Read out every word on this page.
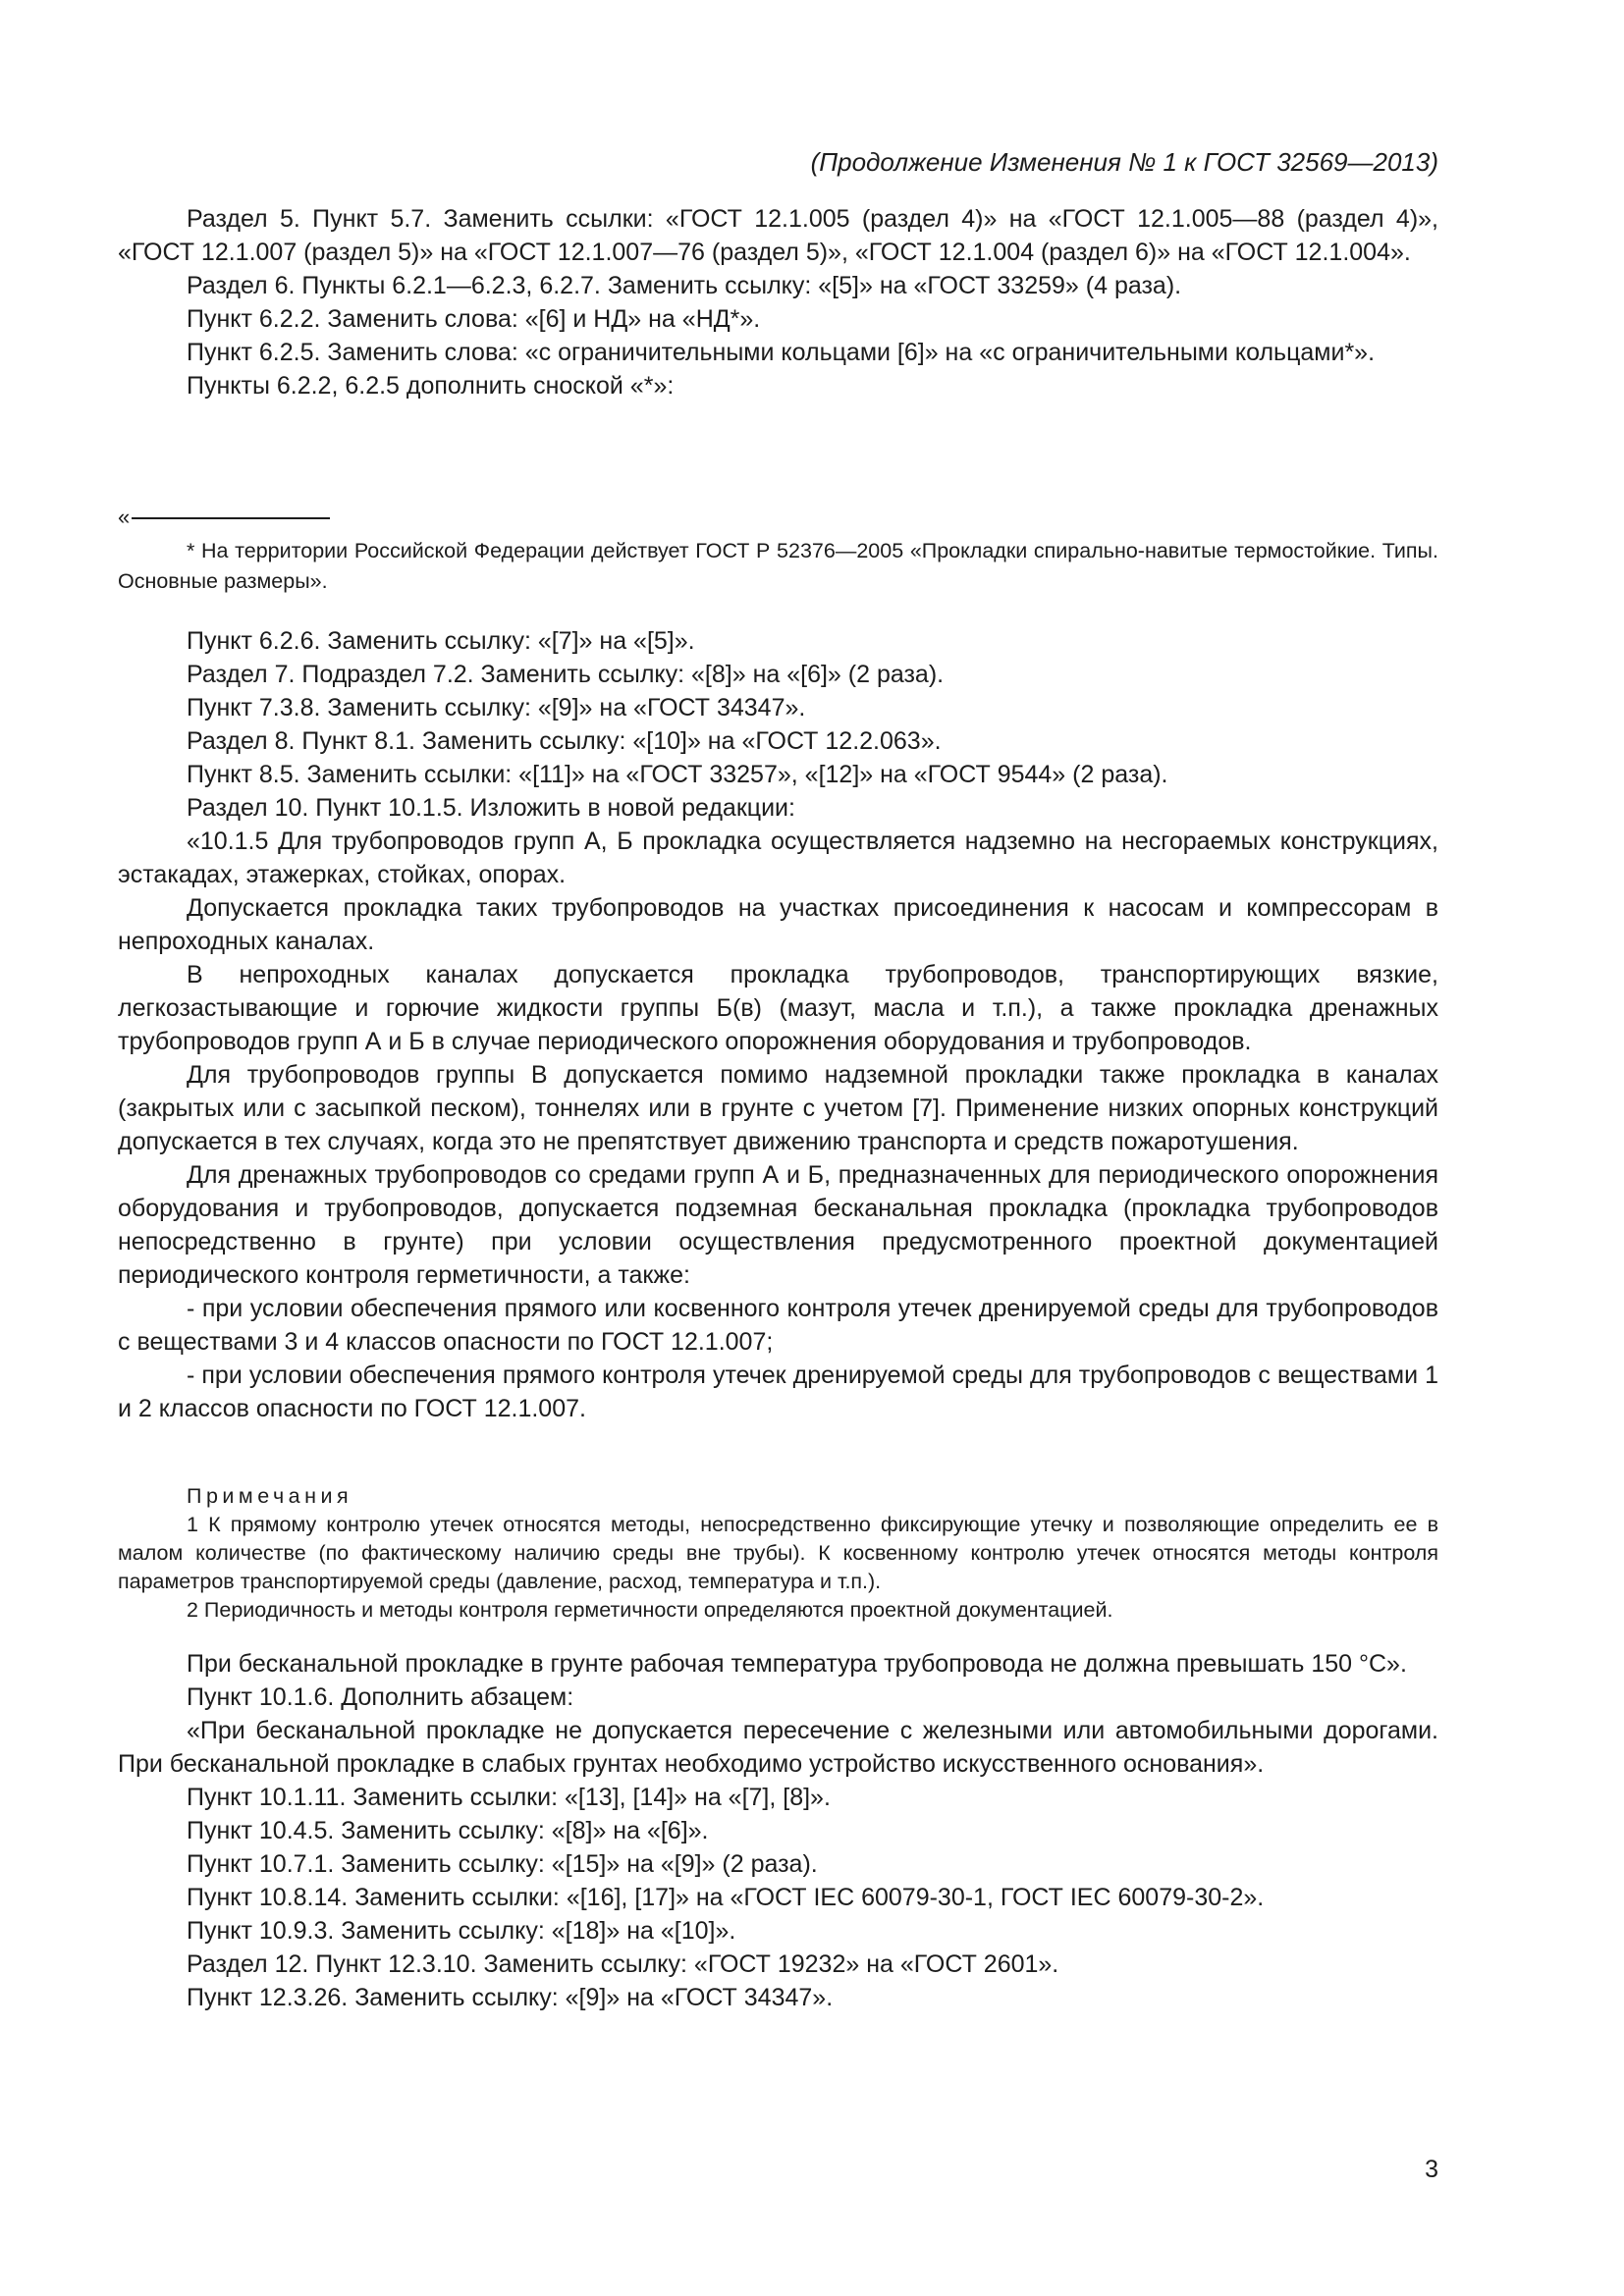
(Продолжение Изменения № 1 к ГОСТ 32569—2013)

Раздел 5. Пункт 5.7. Заменить ссылки: «ГОСТ 12.1.005 (раздел 4)» на «ГОСТ 12.1.005—88 (раздел 4)», «ГОСТ 12.1.007 (раздел 5)» на «ГОСТ 12.1.007—76 (раздел 5)», «ГОСТ 12.1.004 (раздел 6)» на «ГОСТ 12.1.004».

Раздел 6. Пункты 6.2.1—6.2.3, 6.2.7. Заменить ссылку: «[5]» на «ГОСТ 33259» (4 раза).

Пункт 6.2.2. Заменить слова: «[6] и НД» на «НД*».

Пункт 6.2.5. Заменить слова: «с ограничительными кольцами [6]» на «с ограничительными кольцами*».

Пункты 6.2.2, 6.2.5 дополнить сноской «*»:

«

* На территории Российской Федерации действует ГОСТ Р 52376—2005 «Прокладки спирально-навитые термостойкие. Типы. Основные размеры».

Пункт 6.2.6. Заменить ссылку: «[7]» на «[5]».

Раздел 7. Подраздел 7.2. Заменить ссылку: «[8]» на «[6]» (2 раза).

Пункт 7.3.8. Заменить ссылку: «[9]» на «ГОСТ 34347».

Раздел 8. Пункт 8.1. Заменить ссылку: «[10]» на «ГОСТ 12.2.063».

Пункт 8.5. Заменить ссылки: «[11]» на «ГОСТ 33257», «[12]» на «ГОСТ 9544» (2 раза).

Раздел 10. Пункт 10.1.5. Изложить в новой редакции:

«10.1.5 Для трубопроводов групп А, Б прокладка осуществляется надземно на несгораемых конструкциях, эстакадах, этажерках, стойках, опорах.

Допускается прокладка таких трубопроводов на участках присоединения к насосам и компрессорам в непроходных каналах.

В непроходных каналах допускается прокладка трубопроводов, транспортирующих вязкие, легкозастывающие и горючие жидкости группы Б(в) (мазут, масла и т.п.), а также прокладка дренажных трубопроводов групп А и Б в случае периодического опорожнения оборудования и трубопроводов.

Для трубопроводов группы В допускается помимо надземной прокладки также прокладка в каналах (закрытых или с засыпкой песком), тоннелях или в грунте с учетом [7]. Применение низких опорных конструкций допускается в тех случаях, когда это не препятствует движению транспорта и средств пожаротушения.

Для дренажных трубопроводов со средами групп А и Б, предназначенных для периодического опорожнения оборудования и трубопроводов, допускается подземная бесканальная прокладка (прокладка трубопроводов непосредственно в грунте) при условии осуществления предусмотренного проектной документацией периодического контроля герметичности, а также:

- при условии обеспечения прямого или косвенного контроля утечек дренируемой среды для трубопроводов с веществами 3 и 4 классов опасности по ГОСТ 12.1.007;

- при условии обеспечения прямого контроля утечек дренируемой среды для трубопроводов с веществами 1 и 2 классов опасности по ГОСТ 12.1.007.

Примечания

1 К прямому контролю утечек относятся методы, непосредственно фиксирующие утечку и позволяющие определить ее в малом количестве (по фактическому наличию среды вне трубы). К косвенному контролю утечек относятся методы контроля параметров транспортируемой среды (давление, расход, температура и т.п.).

2 Периодичность и методы контроля герметичности определяются проектной документацией.

При бесканальной прокладке в грунте рабочая температура трубопровода не должна превышать 150 °С».

Пункт 10.1.6. Дополнить абзацем:

«При бесканальной прокладке не допускается пересечение с железными или автомобильными дорогами. При бесканальной прокладке в слабых грунтах необходимо устройство искусственного основания».

Пункт 10.1.11. Заменить ссылки: «[13], [14]» на «[7], [8]».

Пункт 10.4.5. Заменить ссылку: «[8]» на «[6]».

Пункт 10.7.1. Заменить ссылку: «[15]» на «[9]» (2 раза).

Пункт 10.8.14. Заменить ссылки: «[16], [17]» на «ГОСТ IEC 60079-30-1, ГОСТ IEC 60079-30-2».

Пункт 10.9.3. Заменить ссылку: «[18]» на «[10]».

Раздел 12. Пункт 12.3.10. Заменить ссылку: «ГОСТ 19232» на «ГОСТ 2601».

Пункт 12.3.26. Заменить ссылку: «[9]» на «ГОСТ 34347».

3
